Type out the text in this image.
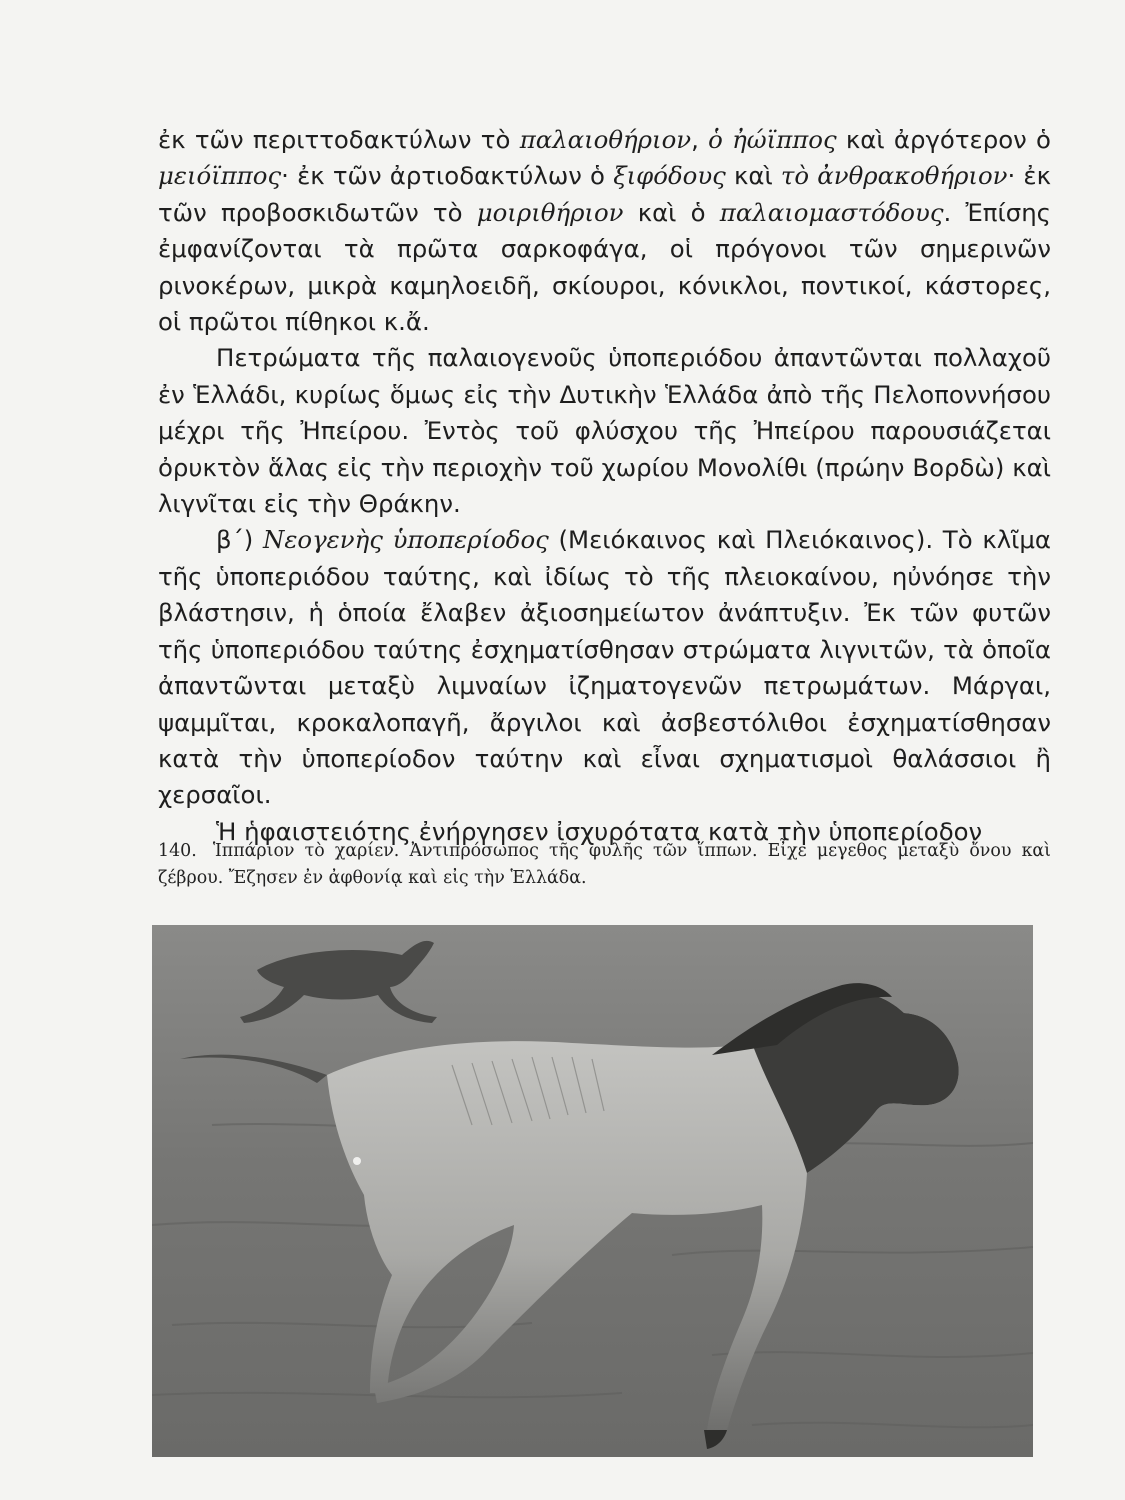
ἐκ τῶν περιττοδακτύλων τὸ παλαιοθήριον, ὁ ἠώϊππος καὶ ἀργότερον ὁ μειόϊππος· ἐκ τῶν ἀρτιοδακτύλων ὁ ξιφόδους καὶ τὸ ἀνθρακοθήριον· ἐκ τῶν προβοσκιδωτῶν τὸ μοιριθήριον καὶ ὁ παλαιομαστόδους. Ἐπίσης ἐμφανίζονται τὰ πρῶτα σαρκοφάγα, οἱ πρόγονοι τῶν σημερινῶν ρινοκέρων, μικρὰ καμηλοειδῆ, σκίουροι, κόνικλοι, ποντικοί, κάστορες, οἱ πρῶτοι πίθηκοι κ.ἄ.

Πετρώματα τῆς παλαιογενοῦς ὑποπεριόδου ἀπαντῶνται πολλαχοῦ ἐν Ἑλλάδι, κυρίως ὅμως εἰς τὴν Δυτικὴν Ἑλλάδα ἀπὸ τῆς Πελοποννήσου μέχρι τῆς Ἠπείρου. Ἐντὸς τοῦ φλύσχου τῆς Ἠπείρου παρουσιάζεται ὀρυκτὸν ἅλας εἰς τὴν περιοχὴν τοῦ χωρίου Μονολίθι (πρώην Βορδὼ) καὶ λιγνῖται εἰς τὴν Θράκην.

β΄) Νεογενὴς ὑποπερίοδος (Μειόκαινος καὶ Πλειόκαινος). Τὸ κλῖμα τῆς ὑποπεριόδου ταύτης, καὶ ἰδίως τὸ τῆς πλειοκαίνου, ηὐνόησε τὴν βλάστησιν, ἡ ὁποία ἔλαβεν ἀξιοσημείωτον ἀνάπτυξιν. Ἐκ τῶν φυτῶν τῆς ὑποπεριόδου ταύτης ἐσχηματίσθησαν στρώματα λιγνιτῶν, τὰ ὁποῖα ἀπαντῶνται μεταξὺ λιμναίων ἰζηματογενῶν πετρωμάτων. Μάργαι, ψαμμῖται, κροκαλοπαγῆ, ἄργιλοι καὶ ἀσβεστόλιθοι ἐσχηματίσθησαν κατὰ τὴν ὑποπερίοδον ταύτην καὶ εἶναι σχηματισμοὶ θαλάσσιοι ἢ χερσαῖοι.

Ἡ ἡφαιστειότης ἐνήργησεν ἰσχυρότατα κατὰ τὴν ὑποπερίοδον

140. Ἱππάριον τὸ χαρίεν. Ἀντιπρόσωπος τῆς φυλῆς τῶν ἵππων. Εἶχε μεγεθος μεταξὺ ὄνου καὶ ζέβρου. Ἔζησεν ἐν ἀφθονίᾳ καὶ εἰς τὴν Ἑλλάδα.
